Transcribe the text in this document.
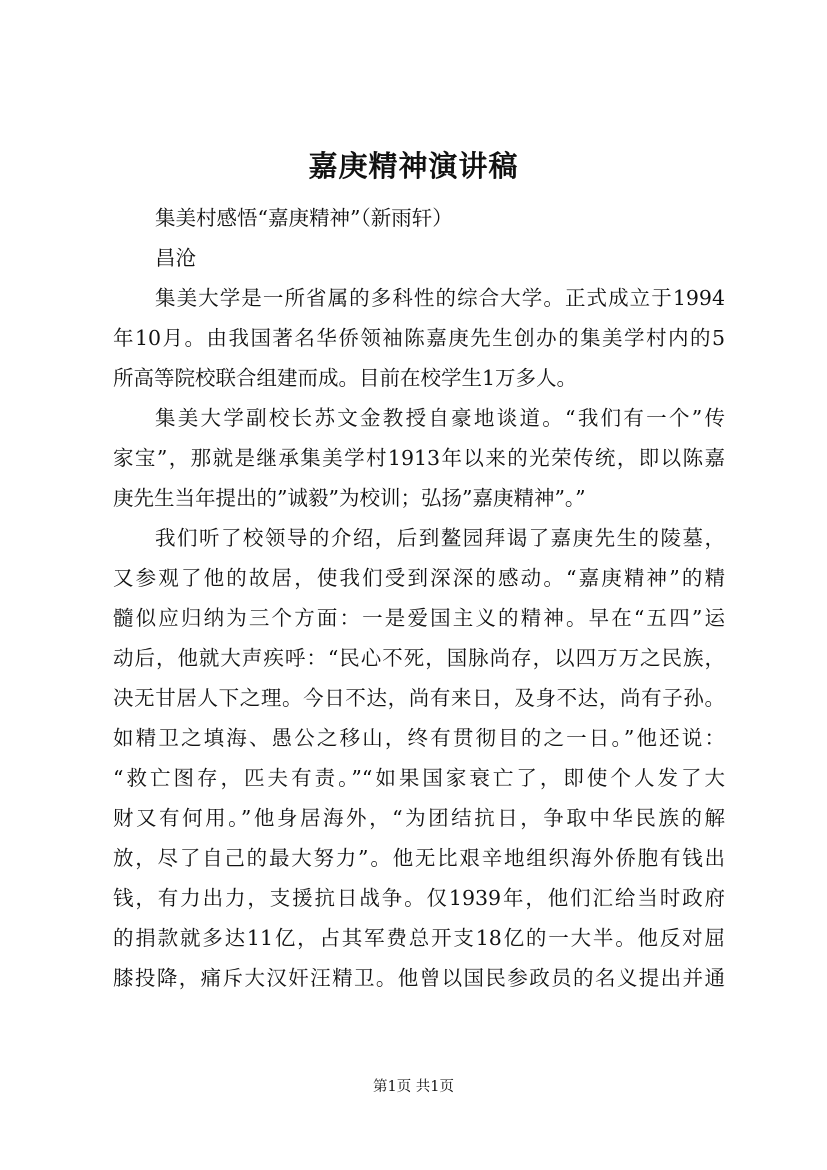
嘉庚精神演讲稿
集美村感悟“嘉庚精神”（新雨轩）
昌沧
集美大学是一所省属的多科性的综合大学。正式成立于1994
年10月。由我国著名华侨领袖陈嘉庚先生创办的集美学村内的5
所高等院校联合组建而成。目前在校学生1万多人。
集美大学副校长苏文金教授自豪地谈道。“我们有一个”传
家宝”，那就是继承集美学村1913年以来的光荣传统，即以陈嘉
庚先生当年提出的”诚毅”为校训；弘扬”嘉庚精神”。”
我们听了校领导的介绍，后到鳌园拜谒了嘉庚先生的陵墓，
又参观了他的故居，使我们受到深深的感动。“嘉庚精神”的精
髓似应归纳为三个方面：一是爱国主义的精神。早在“五四”运
动后，他就大声疾呼：“民心不死，国脉尚存，以四万万之民族，
决无甘居人下之理。今日不达，尚有来日，及身不达，尚有子孙。
如精卫之填海、愚公之移山，终有贯彻目的之一日。”他还说：
“救亡图存，匹夫有责。”“如果国家衰亡了，即使个人发了大
财又有何用。”他身居海外，“为团结抗日，争取中华民族的解
放，尽了自己的最大努力”。他无比艰辛地组织海外侨胞有钱出
钱，有力出力，支援抗日战争。仅1939年，他们汇给当时政府
的捐款就多达11亿，占其军费总开支18亿的一大半。他反对屈
膝投降，痛斥大汉奸汪精卫。他曾以国民参政员的名义提出并通
第1页 共1页
